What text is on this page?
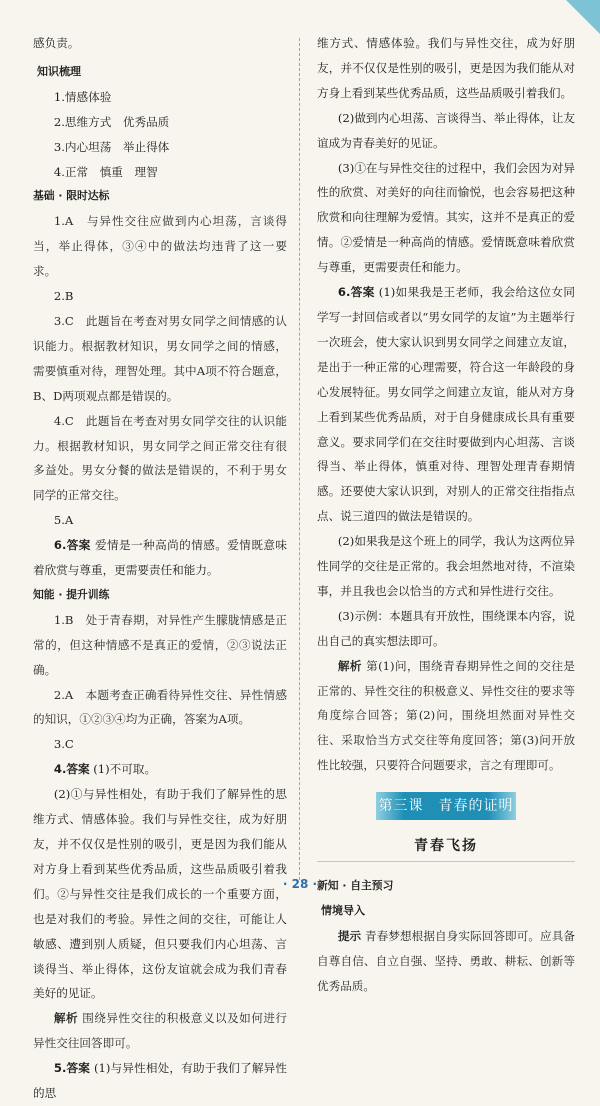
感负责。

知识梳理

1.情感体验

2.思维方式　优秀品质

3.内心坦荡　举止得体

4.正常　慎重　理智

基础 · 限时达标

1.A　与异性交往应做到内心坦荡，言谈得当，举止得体，③④中的做法均违背了这一要求。

2.B

3.C　此题旨在考查对男女同学之间情感的认识能力。根据教材知识，男女同学之间的情感，需要慎重对待，理智处理。其中A项不符合题意，B、D两项观点都是错误的。

4.C　此题旨在考查对男女同学交往的认识能力。根据教材知识，男女同学之间正常交往有很多益处。男女分餐的做法是错误的，不利于男女同学的正常交往。

5.A

6.答案 爱情是一种高尚的情感。爱情既意味着欣赏与尊重，更需要责任和能力。

知能 · 提升训练

1.B　处于青春期，对异性产生朦胧情感是正常的，但这种情感不是真正的爱情，②③说法正确。

2.A　本题考查正确看待异性交往、异性情感的知识，①②③④均为正确，答案为A项。

3.C

4.答案 (1)不可取。

(2)①与异性相处，有助于我们了解异性的思维方式、情感体验。我们与异性交往，成为好朋友，并不仅仅是性别的吸引，更是因为我们能从对方身上看到某些优秀品质，这些品质吸引着我们。②与异性交往是我们成长的一个重要方面，也是对我们的考验。异性之间的交往，可能让人敏感、遭到别人质疑，但只要我们内心坦荡、言谈得当、举止得体，这份友谊就会成为我们青春美好的见证。

解析 围绕异性交往的积极意义以及如何进行异性交往回答即可。

5.答案 (1)与异性相处，有助于我们了解异性的思

维方式、情感体验。我们与异性交往，成为好朋友，并不仅仅是性别的吸引，更是因为我们能从对方身上看到某些优秀品质，这些品质吸引着我们。

(2)做到内心坦荡、言谈得当、举止得体，让友谊成为青春美好的见证。

(3)①在与异性交往的过程中，我们会因为对异性的欣赏、对美好的向往而愉悦，也会容易把这种欣赏和向往理解为爱情。其实，这并不是真正的爱情。②爱情是一种高尚的情感。爱情既意味着欣赏与尊重，更需要责任和能力。

6.答案 (1)如果我是王老师，我会给这位女同学写一封回信或者以“男女同学的友谊”为主题举行一次班会，使大家认识到男女同学之间建立友谊，是出于一种正常的心理需要，符合这一年龄段的身心发展特征。男女同学之间建立友谊，能从对方身上看到某些优秀品质，对于自身健康成长具有重要意义。要求同学们在交往时要做到内心坦荡、言谈得当、举止得体，慎重对待、理智处理青春期情感。还要使大家认识到，对别人的正常交往指指点点、说三道四的做法是错误的。

(2)如果我是这个班上的同学，我认为这两位异性同学的交往是正常的。我会坦然地对待，不渲染事，并且我也会以恰当的方式和异性进行交往。

(3)示例：本题具有开放性，围绕课本内容，说出自己的真实想法即可。

解析 第(1)问，围绕青春期异性之间的交往是正常的、异性交往的积极意义、异性交往的要求等角度综合回答；第(2)问，围绕坦然面对异性交往、采取恰当方式交往等角度回答；第(3)问开放性比较强，只要符合问题要求，言之有理即可。

第三课　青春的证明
青春飞扬

新知 · 自主预习

情境导入

提示 青春梦想根据自身实际回答即可。应具备自尊自信、自立自强、坚持、勇敢、耕耘、创新等优秀品质。

· 28 ·
